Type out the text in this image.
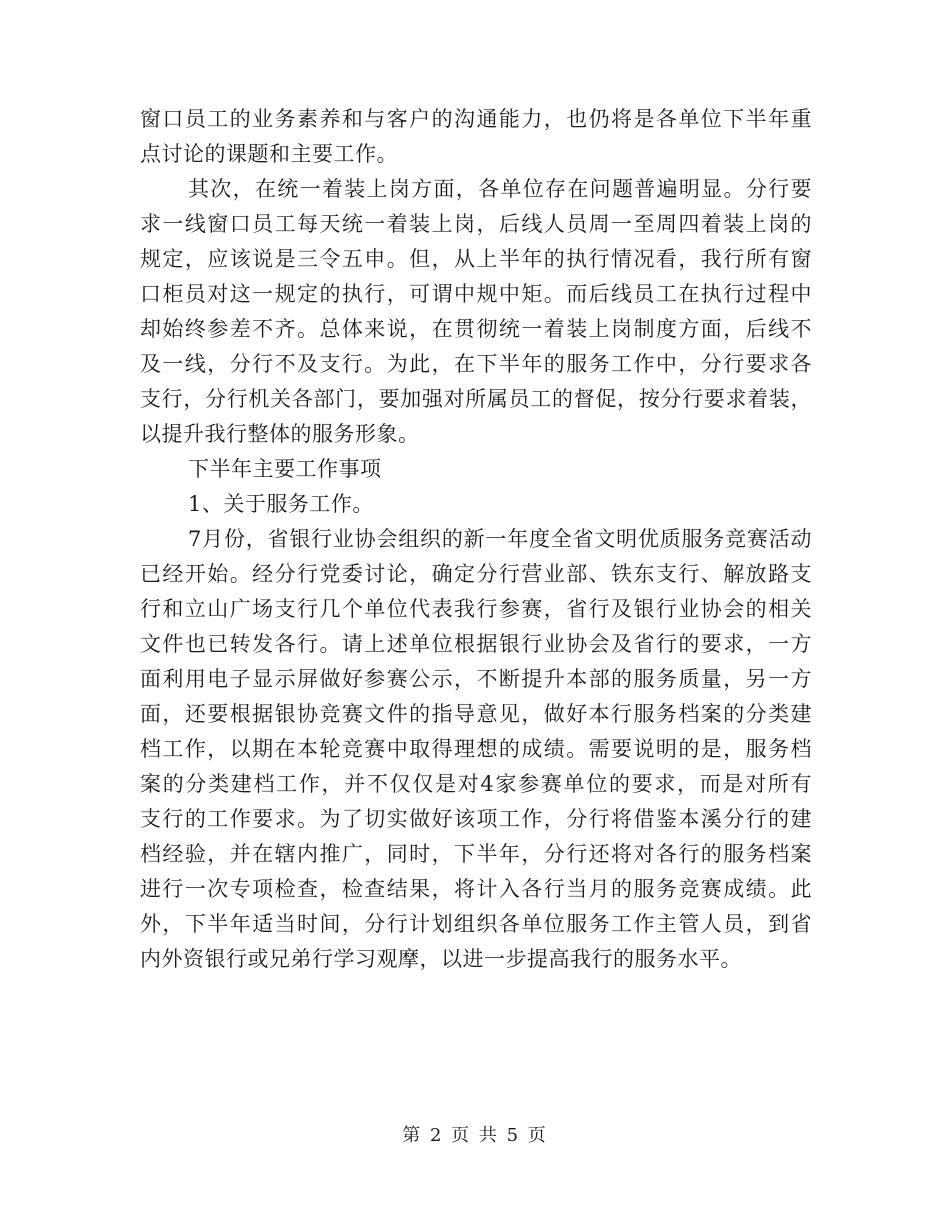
窗口员工的业务素养和与客户的沟通能力，也仍将是各单位下半年重
点讨论的课题和主要工作。
其次，在统一着装上岗方面，各单位存在问题普遍明显。分行要
求一线窗口员工每天统一着装上岗，后线人员周一至周四着装上岗的
规定，应该说是三令五申。但，从上半年的执行情况看，我行所有窗
口柜员对这一规定的执行，可谓中规中矩。而后线员工在执行过程中
却始终参差不齐。总体来说，在贯彻统一着装上岗制度方面，后线不
及一线，分行不及支行。为此，在下半年的服务工作中，分行要求各
支行，分行机关各部门，要加强对所属员工的督促，按分行要求着装，
以提升我行整体的服务形象。
下半年主要工作事项
1、关于服务工作。
7月份，省银行业协会组织的新一年度全省文明优质服务竞赛活动
已经开始。经分行党委讨论，确定分行营业部、铁东支行、解放路支
行和立山广场支行几个单位代表我行参赛，省行及银行业协会的相关
文件也已转发各行。请上述单位根据银行业协会及省行的要求，一方
面利用电子显示屏做好参赛公示，不断提升本部的服务质量，另一方
面，还要根据银协竞赛文件的指导意见，做好本行服务档案的分类建
档工作，以期在本轮竞赛中取得理想的成绩。需要说明的是，服务档
案的分类建档工作，并不仅仅是对4家参赛单位的要求，而是对所有
支行的工作要求。为了切实做好该项工作，分行将借鉴本溪分行的建
档经验，并在辖内推广，同时，下半年，分行还将对各行的服务档案
进行一次专项检查，检查结果，将计入各行当月的服务竞赛成绩。此
外，下半年适当时间，分行计划组织各单位服务工作主管人员，到省
内外资银行或兄弟行学习观摩，以进一步提高我行的服务水平。
第 2 页 共 5 页
